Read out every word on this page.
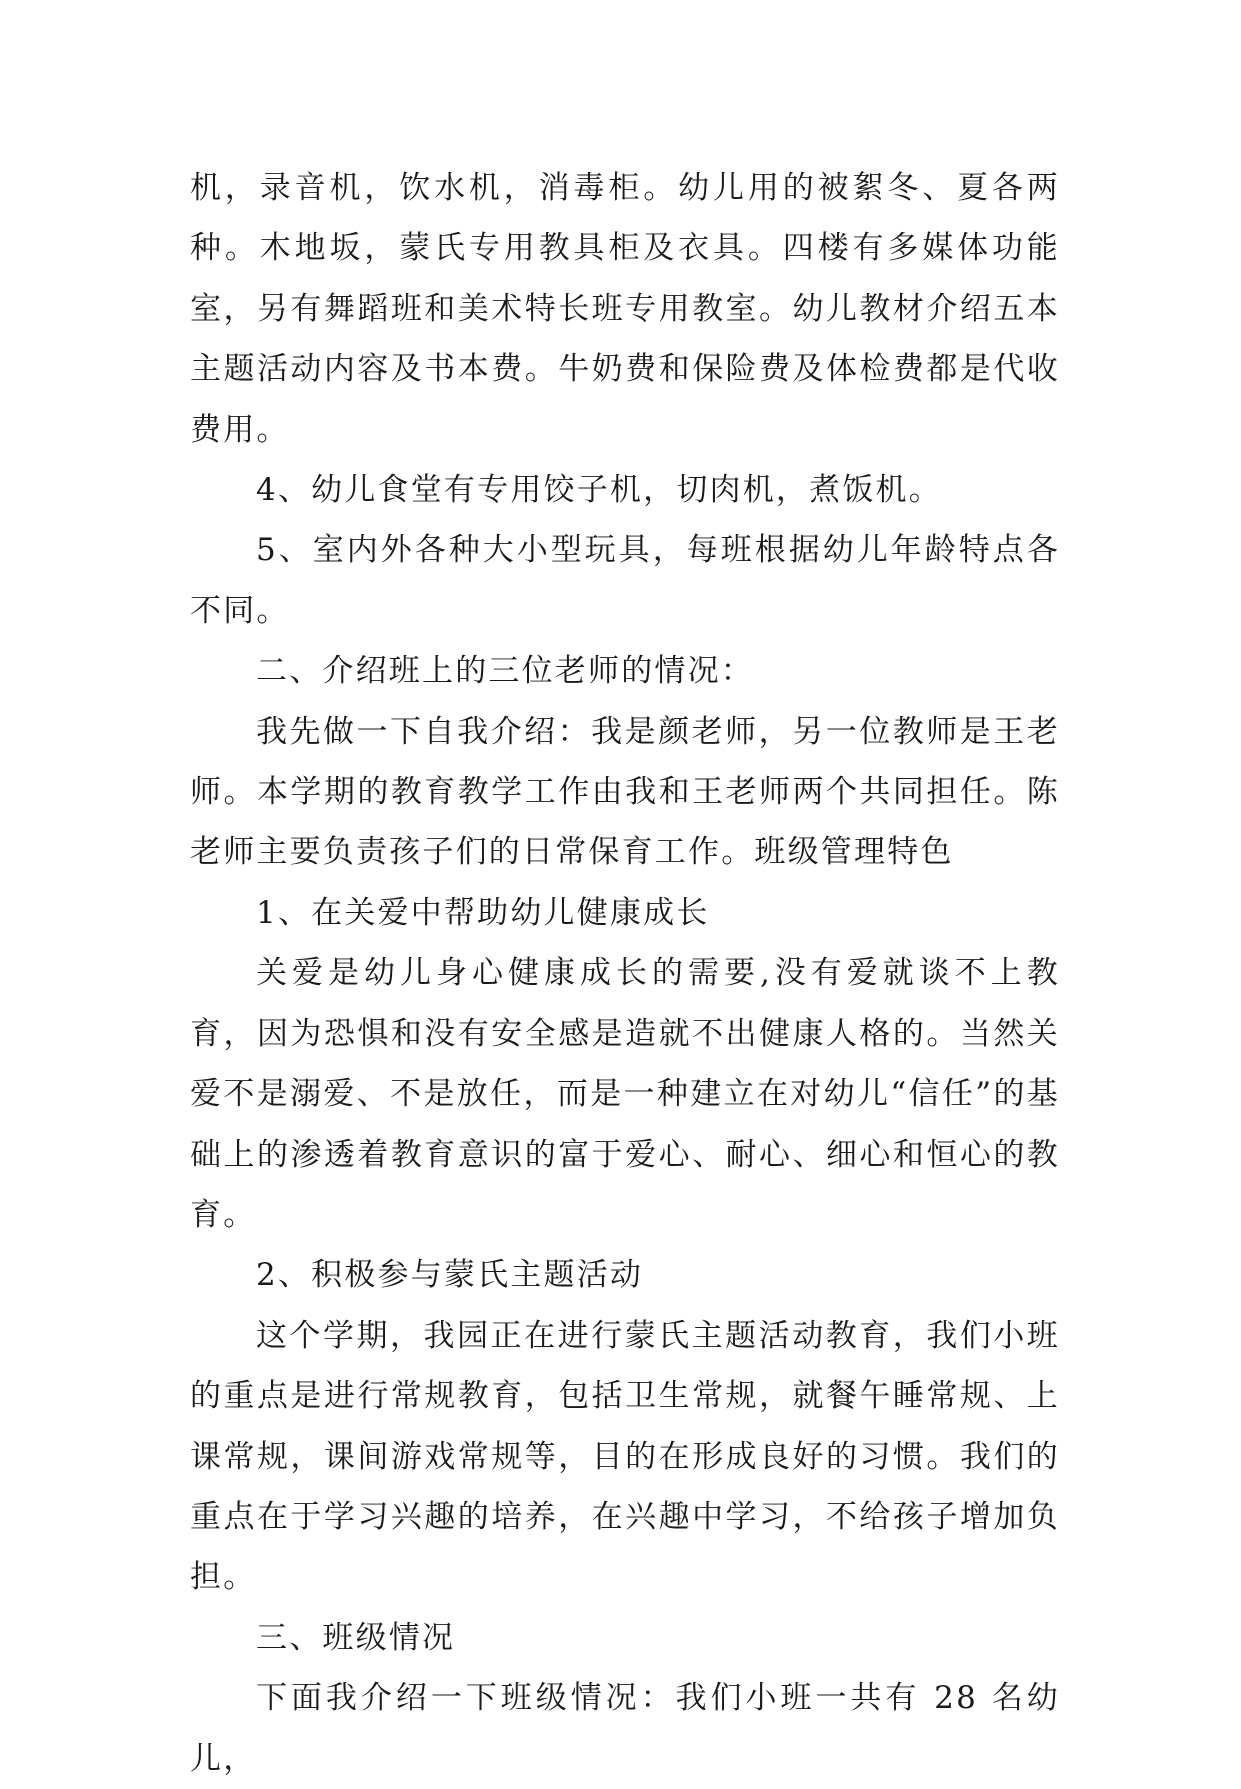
机，录音机，饮水机，消毒柜。幼儿用的被絮冬、夏各两种。木地坂，蒙氏专用教具柜及衣具。四楼有多媒体功能室，另有舞蹈班和美术特长班专用教室。幼儿教材介绍五本主题活动内容及书本费。牛奶费和保险费及体检费都是代收费用。

4、幼儿食堂有专用饺子机，切肉机，煮饭机。

5、室内外各种大小型玩具，每班根据幼儿年龄特点各不同。

二、介绍班上的三位老师的情况：

我先做一下自我介绍：我是颜老师，另一位教师是王老师。本学期的教育教学工作由我和王老师两个共同担任。陈老师主要负责孩子们的日常保育工作。班级管理特色

1、在关爱中帮助幼儿健康成长

关爱是幼儿身心健康成长的需要,没有爱就谈不上教育，因为恐惧和没有安全感是造就不出健康人格的。当然关爱不是溺爱、不是放任，而是一种建立在对幼儿“信任”的基础上的渗透着教育意识的富于爱心、耐心、细心和恒心的教育。

2、积极参与蒙氏主题活动

这个学期，我园正在进行蒙氏主题活动教育，我们小班的重点是进行常规教育，包括卫生常规，就餐午睡常规、上课常规，课间游戏常规等，目的在形成良好的习惯。我们的重点在于学习兴趣的培养，在兴趣中学习，不给孩子增加负担。

三、班级情况

下面我介绍一下班级情况：我们小班一共有 28 名幼儿，
